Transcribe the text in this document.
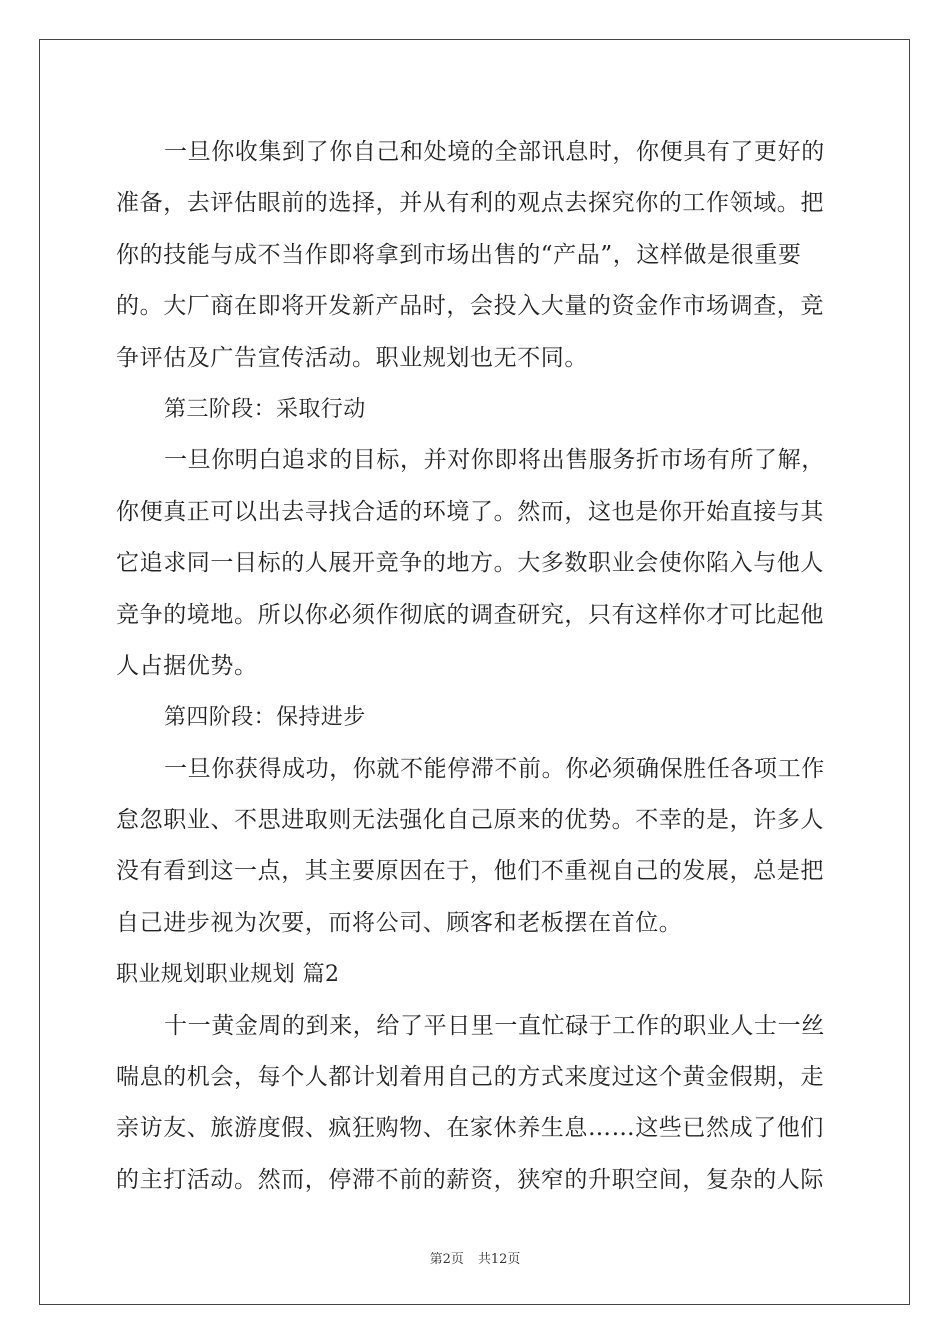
一旦你收集到了你自己和处境的全部讯息时，你便具有了更好的
准备，去评估眼前的选择，并从有利的观点去探究你的工作领域。把
你的技能与成不当作即将拿到市场出售的“产品”，这样做是很重要
的。大厂商在即将开发新产品时，会投入大量的资金作市场调查，竞
争评估及广告宣传活动。职业规划也无不同。
第三阶段：采取行动
一旦你明白追求的目标，并对你即将出售服务折市场有所了解，
你便真正可以出去寻找合适的环境了。然而，这也是你开始直接与其
它追求同一目标的人展开竞争的地方。大多数职业会使你陷入与他人
竞争的境地。所以你必须作彻底的调查研究，只有这样你才可比起他
人占据优势。
第四阶段：保持进步
一旦你获得成功，你就不能停滞不前。你必须确保胜任各项工作
怠忽职业、不思进取则无法强化自己原来的优势。不幸的是，许多人
没有看到这一点，其主要原因在于，他们不重视自己的发展，总是把
自己进步视为次要，而将公司、顾客和老板摆在首位。
职业规划职业规划 篇2
十一黄金周的到来，给了平日里一直忙碌于工作的职业人士一丝
喘息的机会，每个人都计划着用自己的方式来度过这个黄金假期，走
亲访友、旅游度假、疯狂购物、在家休养生息……这些已然成了他们
的主打活动。然而，停滞不前的薪资，狭窄的升职空间，复杂的人际
第2页 共12页
